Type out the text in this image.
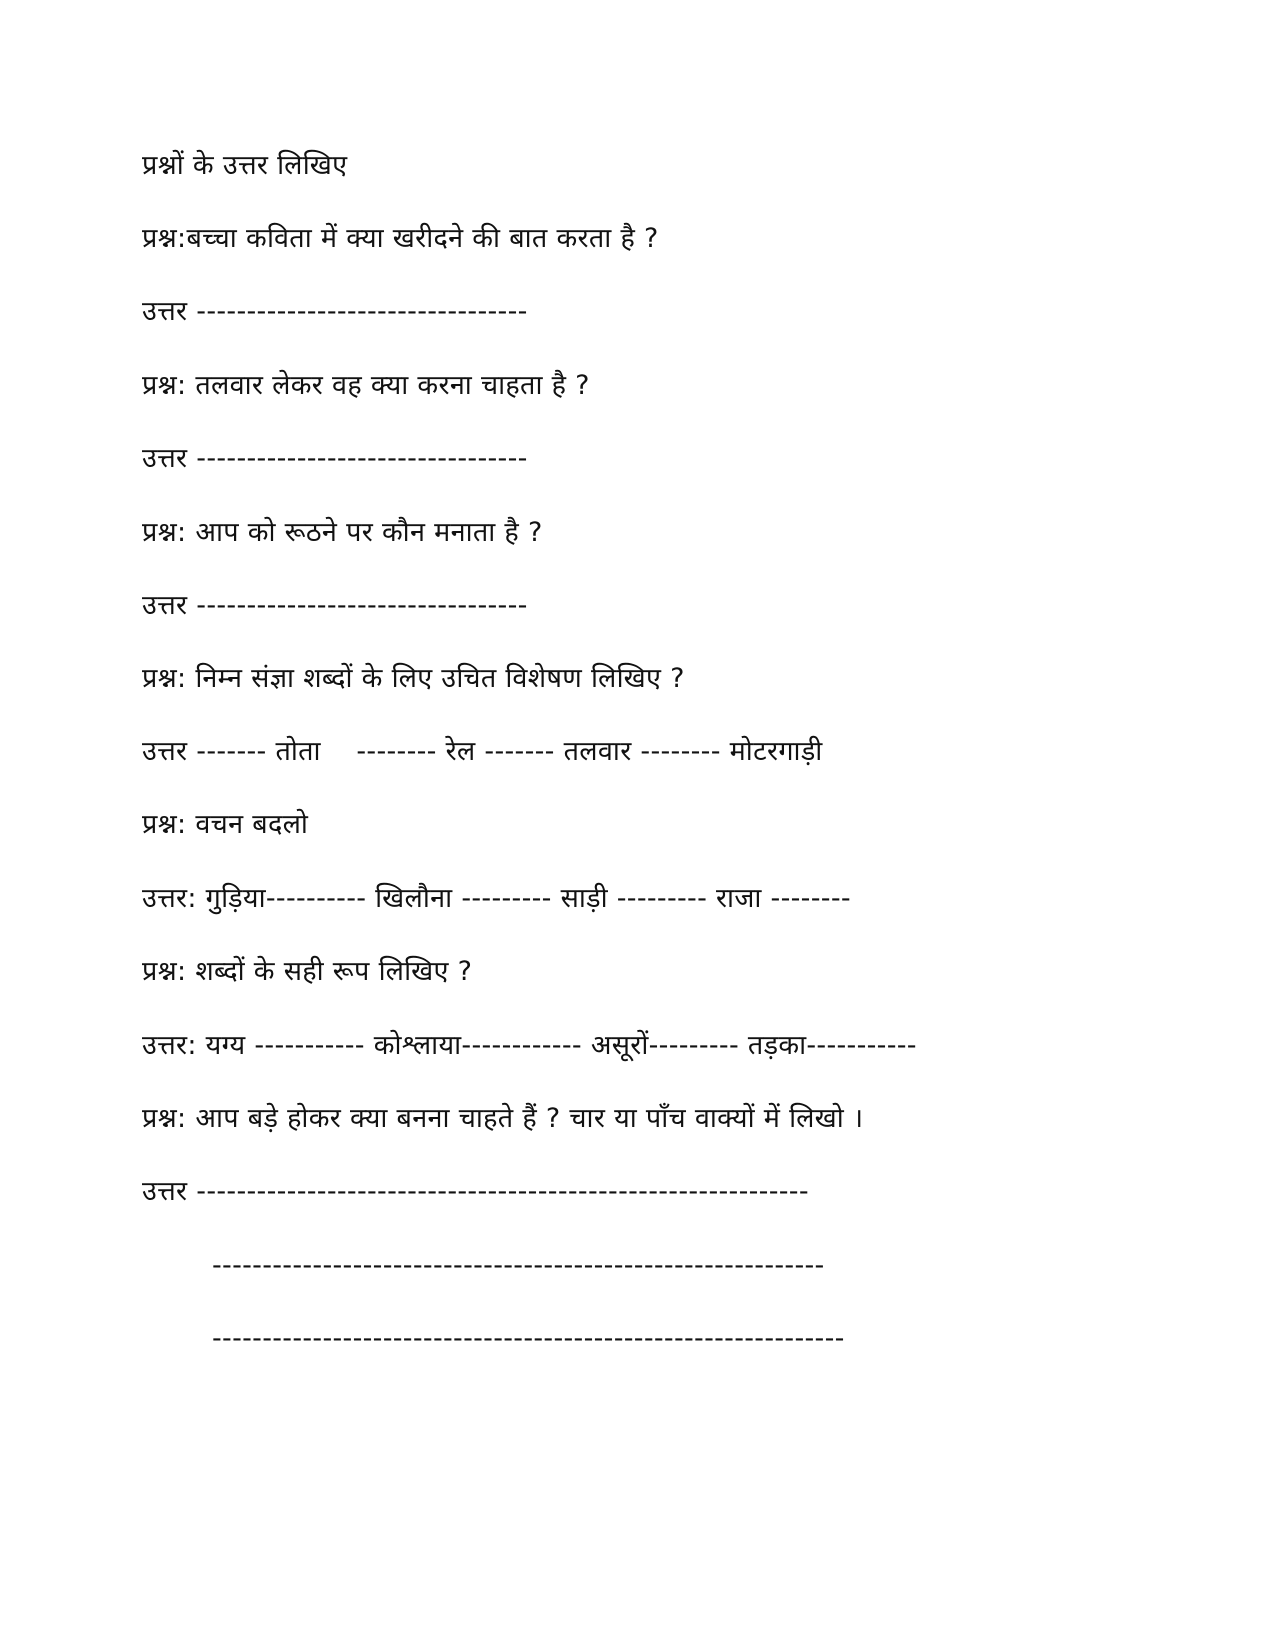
प्रश्नों के उत्तर लिखिए
प्रश्न:बच्चा कविता में क्या खरीदने की बात करता है ?
उत्तर ---------------------------------
प्रश्न: तलवार लेकर वह क्या करना चाहता है ?
उत्तर ---------------------------------
प्रश्न: आप को रूठने पर कौन मनाता है ?
उत्तर ---------------------------------
प्रश्न: निम्न संज्ञा शब्दों के लिए उचित विशेषण लिखिए ?
उत्तर ------- तोता    -------- रेल ------- तलवार -------- मोटरगाड़ी
प्रश्न: वचन बदलो
उत्तर: गुड़िया---------- खिलौना --------- साड़ी --------- राजा --------
प्रश्न: शब्दों के सही रूप लिखिए ?
उत्तर: यग्य ----------- कोश्लाया------------ असूरों--------- तड़का-----------
प्रश्न: आप बड़े होकर क्या बनना चाहते हैं ? चार या पाँच वाक्यों में लिखो ।
उत्तर -------------------------------------------------------------
-------------------------------------------------------------
---------------------------------------------------------------
